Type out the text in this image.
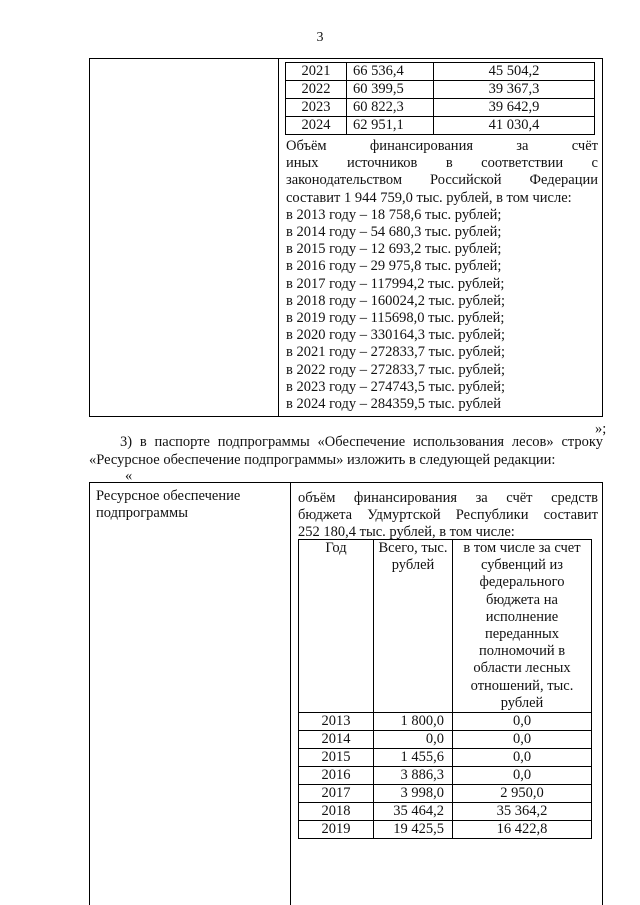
3
2021	66 536,4	45 504,2
2022	60 399,5	39 367,3
2023	60 822,3	39 642,9
2024	62 951,1	41 030,4
Объём финансирования за счёт
иных источников в соответствии с
законодательством Российской Федерации
составит 1 944 759,0 тыс. рублей, в том числе:
в 2013 году – 18 758,6 тыс. рублей;
в 2014 году – 54 680,3 тыс. рублей;
в 2015 году – 12 693,2 тыс. рублей;
в 2016 году – 29 975,8 тыс. рублей;
в 2017 году – 117994,2 тыс. рублей;
в 2018 году – 160024,2 тыс. рублей;
в 2019 году – 115698,0 тыс. рублей;
в 2020 году – 330164,3 тыс. рублей;
в 2021 году – 272833,7 тыс. рублей;
в 2022 году – 272833,7 тыс. рублей;
в 2023 году – 274743,5 тыс. рублей;
в 2024 году – 284359,5 тыс. рублей
»;
3) в паспорте подпрограммы «Обеспечение использования лесов» строку
«Ресурсное обеспечение подпрограммы» изложить в следующей редакции:
«
Ресурсное обеспечение подпрограммы
объём финансирования за счёт средств
бюджета Удмуртской Республики составит
252 180,4 тыс. рублей, в том числе:
Год	Всего, тыс. рублей	в том числе за счет субвенций из федерального бюджета на исполнение переданных полномочий в области лесных отношений, тыс. рублей
2013	1 800,0	0,0
2014	0,0	0,0
2015	1 455,6	0,0
2016	3 886,3	0,0
2017	3 998,0	2 950,0
2018	35 464,2	35 364,2
2019	19 425,5	16 422,8
